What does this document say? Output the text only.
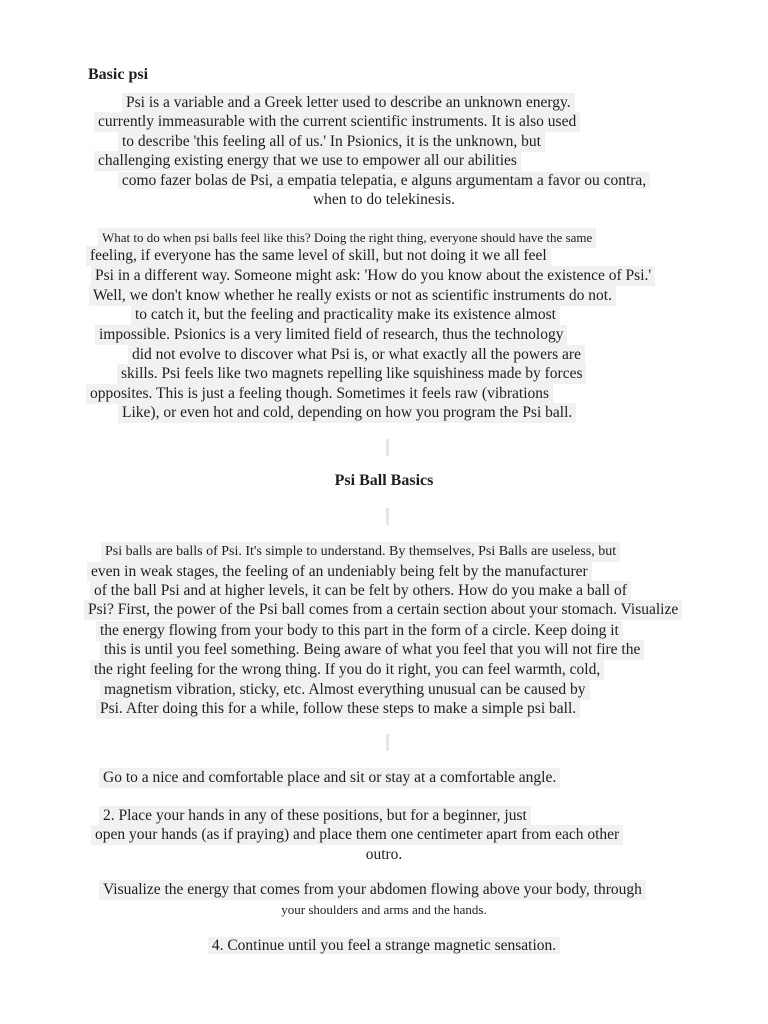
Basic psi
Psi is a variable and a Greek letter used to describe an unknown energy.
currently immeasurable with the current scientific instruments. It is also used
to describe 'this feeling all of us.' In Psionics, it is the unknown, but
challenging existing energy that we use to empower all our abilities
como fazer bolas de Psi, a empatia telepatia, e alguns argumentam a favor ou contra,
when to do telekinesis.
What to do when psi balls feel like this? Doing the right thing, everyone should have the same
feeling, if everyone has the same level of skill, but not doing it we all feel
Psi in a different way. Someone might ask: 'How do you know about the existence of Psi.'
Well, we don't know whether he really exists or not as scientific instruments do not.
to catch it, but the feeling and practicality make its existence almost
impossible. Psionics is a very limited field of research, thus the technology
did not evolve to discover what Psi is, or what exactly all the powers are
skills. Psi feels like two magnets repelling like squishiness made by forces
opposites. This is just a feeling though. Sometimes it feels raw (vibrations
Like), or even hot and cold, depending on how you program the Psi ball.
Psi Ball Basics
Psi balls are balls of Psi. It's simple to understand. By themselves, Psi Balls are useless, but
even in weak stages, the feeling of an undeniably being felt by the manufacturer
of the ball Psi and at higher levels, it can be felt by others. How do you make a ball of
Psi? First, the power of the Psi ball comes from a certain section about your stomach. Visualize
the energy flowing from your body to this part in the form of a circle. Keep doing it
this is until you feel something. Being aware of what you feel that you will not fire the
the right feeling for the wrong thing. If you do it right, you can feel warmth, cold,
magnetism vibration, sticky, etc. Almost everything unusual can be caused by
Psi. After doing this for a while, follow these steps to make a simple psi ball.
Go to a nice and comfortable place and sit or stay at a comfortable angle.
2. Place your hands in any of these positions, but for a beginner, just
open your hands (as if praying) and place them one centimeter apart from each other
outro.
Visualize the energy that comes from your abdomen flowing above your body, through
your shoulders and arms and the hands.
4. Continue until you feel a strange magnetic sensation.
